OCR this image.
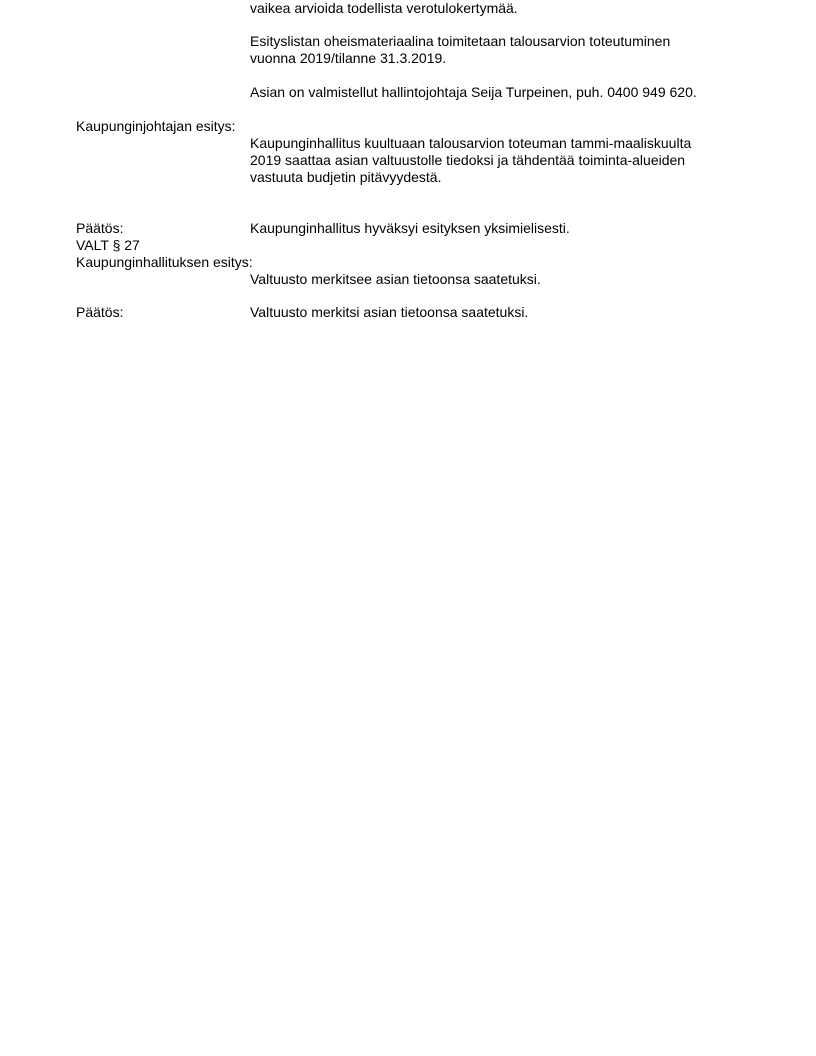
vaikea arvioida todellista verotulokertymää.
Esityslistan oheismateriaalina toimitetaan talousarvion toteutuminen
vuonna 2019/tilanne 31.3.2019.
Asian on valmistellut hallintojohtaja Seija Turpeinen, puh. 0400 949 620.
Kaupunginjohtajan esitys:
Kaupunginhallitus kuultuaan talousarvion toteuman tammi-maaliskuulta
2019 saattaa asian valtuustolle tiedoksi ja tähdentää toiminta-alueiden
vastuuta budjetin pitävyydestä.
Päätös:	Kaupunginhallitus hyväksyi esityksen yksimielisesti.
VALT § 27
Kaupunginhallituksen esitys:
Valtuusto merkitsee asian tietoonsa saatetuksi.
Päätös:	Valtuusto merkitsi asian tietoonsa saatetuksi.
